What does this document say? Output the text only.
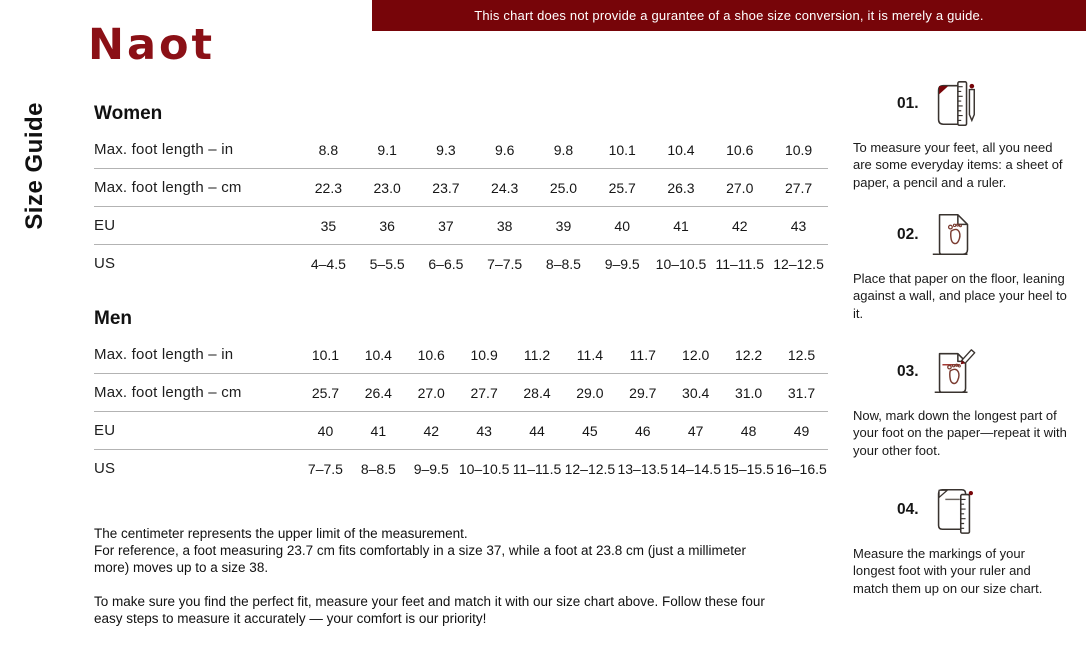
This chart does not provide a gurantee of a shoe size conversion, it is merely a guide.
Naot
Size Guide Women
Max. foot length – in	8.8	9.1	9.3	9.6	9.8	10.1	10.4	10.6	10.9
Max. foot length – cm	22.3	23.0	23.7	24.3	25.0	25.7	26.3	27.0	27.7
EU	35	36	37	38	39	40	41	42	43
US	4–4.5	5–5.5	6–6.5	7–7.5	8–8.5	9–9.5	10–10.5	11–11.5	12–12.5
Men
Max. foot length – in	10.1	10.4	10.6	10.9	11.2	11.4	11.7	12.0	12.2	12.5
Max. foot length – cm	25.7	26.4	27.0	27.7	28.4	29.0	29.7	30.4	31.0	31.7
EU	40	41	42	43	44	45	46	47	48	49
US	7–7.5	8–8.5	9–9.5	10–10.5	11–11.5	12–12.5	13–13.5	14–14.5	15–15.5	16–16.5

The centimeter represents the upper limit of the measurement.
For reference, a foot measuring 23.7 cm fits comfortably in a size 37, while a foot at 23.8 cm (just a millimeter more) moves up to a size 38.

To make sure you find the perfect fit, measure your feet and match it with our size chart above. Follow these four easy steps to measure it accurately — your comfort is our priority!

01.

To measure your feet, all you need are some everyday items: a sheet of paper, a pencil and a ruler.

02.

Place that paper on the floor, leaning against a wall, and place your heel to it.

03.

Now, mark down the longest part of your foot on the paper—repeat it with your other foot.

04.

Measure the markings of your longest foot with your ruler and match them up on our size chart.
